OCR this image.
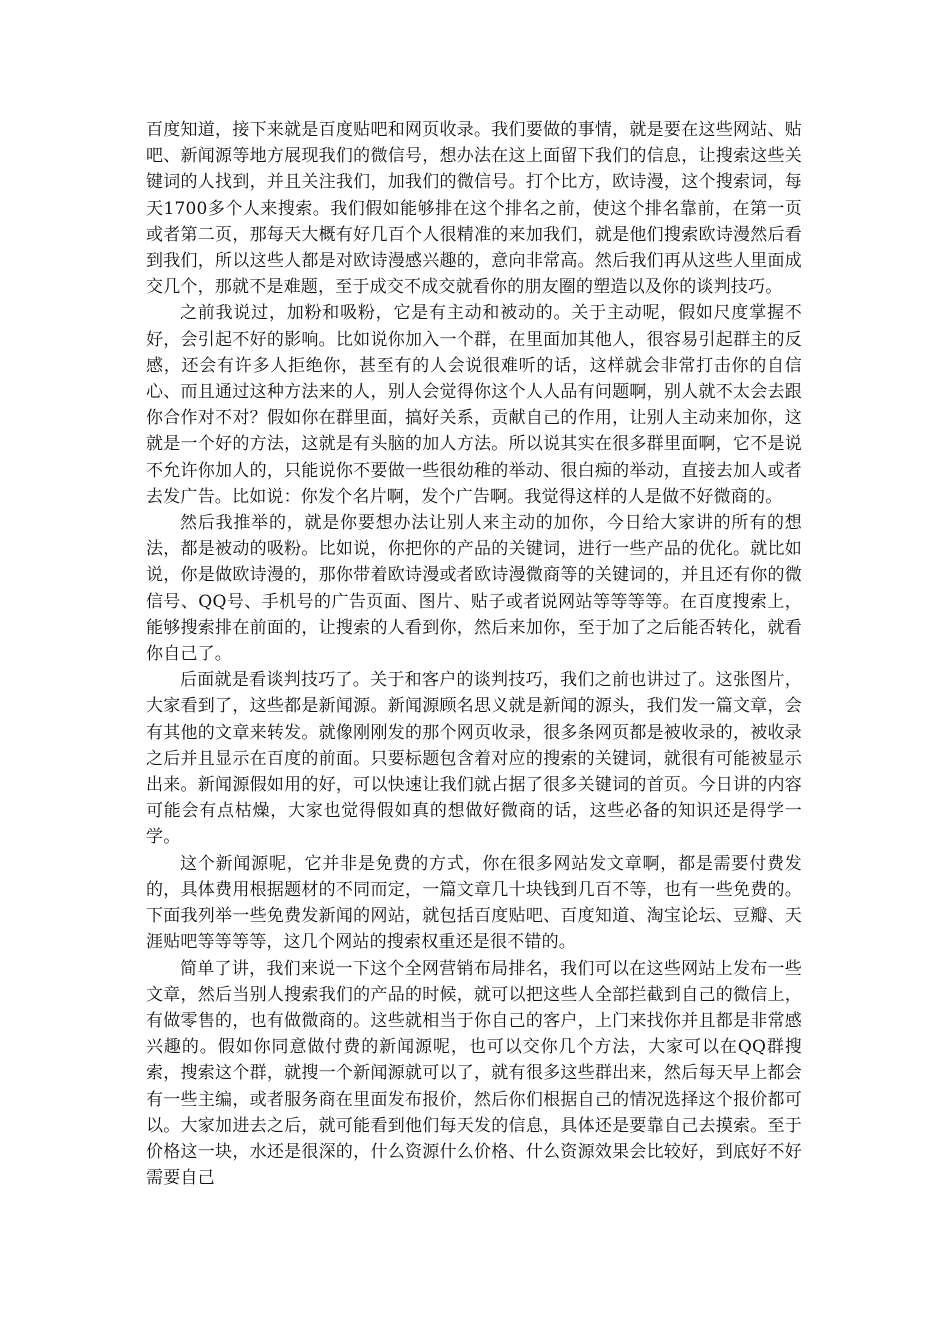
百度知道，接下来就是百度贴吧和网页收录。我们要做的事情，就是要在这些网站、贴吧、新闻源等地方展现我们的微信号，想办法在这上面留下我们的信息，让搜索这些关键词的人找到，并且关注我们，加我们的微信号。打个比方，欧诗漫，这个搜索词，每天1700多个人来搜索。我们假如能够排在这个排名之前，使这个排名靠前，在第一页或者第二页，那每天大概有好几百个人很精准的来加我们，就是他们搜索欧诗漫然后看到我们，所以这些人都是对欧诗漫感兴趣的，意向非常高。然后我们再从这些人里面成交几个，那就不是难题，至于成交不成交就看你的朋友圈的塑造以及你的谈判技巧。

之前我说过，加粉和吸粉，它是有主动和被动的。关于主动呢，假如尺度掌握不好，会引起不好的影响。比如说你加入一个群，在里面加其他人，很容易引起群主的反感，还会有许多人拒绝你，甚至有的人会说很难听的话，这样就会非常打击你的自信心、而且通过这种方法来的人，别人会觉得你这个人人品有问题啊，别人就不太会去跟你合作对不对？假如你在群里面，搞好关系，贡献自己的作用，让别人主动来加你，这就是一个好的方法，这就是有头脑的加人方法。所以说其实在很多群里面啊，它不是说不允许你加人的，只能说你不要做一些很幼稚的举动、很白痴的举动，直接去加人或者去发广告。比如说：你发个名片啊，发个广告啊。我觉得这样的人是做不好微商的。

然后我推举的，就是你要想办法让别人来主动的加你，今日给大家讲的所有的想法，都是被动的吸粉。比如说，你把你的产品的关键词，进行一些产品的优化。就比如说，你是做欧诗漫的，那你带着欧诗漫或者欧诗漫微商等的关键词的，并且还有你的微信号、QQ号、手机号的广告页面、图片、贴子或者说网站等等等等。在百度搜索上，能够搜索排在前面的，让搜索的人看到你，然后来加你，至于加了之后能否转化，就看你自己了。

后面就是看谈判技巧了。关于和客户的谈判技巧，我们之前也讲过了。这张图片，大家看到了，这些都是新闻源。新闻源顾名思义就是新闻的源头，我们发一篇文章，会有其他的文章来转发。就像刚刚发的那个网页收录，很多条网页都是被收录的，被收录之后并且显示在百度的前面。只要标题包含着对应的搜索的关键词，就很有可能被显示出来。新闻源假如用的好，可以快速让我们就占据了很多关键词的首页。今日讲的内容可能会有点枯燥，大家也觉得假如真的想做好微商的话，这些必备的知识还是得学一学。

这个新闻源呢，它并非是免费的方式，你在很多网站发文章啊，都是需要付费发的，具体费用根据题材的不同而定，一篇文章几十块钱到几百不等，也有一些免费的。下面我列举一些免费发新闻的网站，就包括百度贴吧、百度知道、淘宝论坛、豆瓣、天涯贴吧等等等等，这几个网站的搜索权重还是很不错的。

简单了讲，我们来说一下这个全网营销布局排名，我们可以在这些网站上发布一些文章，然后当别人搜索我们的产品的时候，就可以把这些人全部拦截到自己的微信上，有做零售的，也有做微商的。这些就相当于你自己的客户，上门来找你并且都是非常感兴趣的。假如你同意做付费的新闻源呢，也可以交你几个方法，大家可以在QQ群搜索，搜索这个群，就搜一个新闻源就可以了，就有很多这些群出来，然后每天早上都会有一些主编，或者服务商在里面发布报价，然后你们根据自己的情况选择这个报价都可以。大家加进去之后，就可能看到他们每天发的信息，具体还是要靠自己去摸索。至于价格这一块，水还是很深的，什么资源什么价格、什么资源效果会比较好，到底好不好需要自己
